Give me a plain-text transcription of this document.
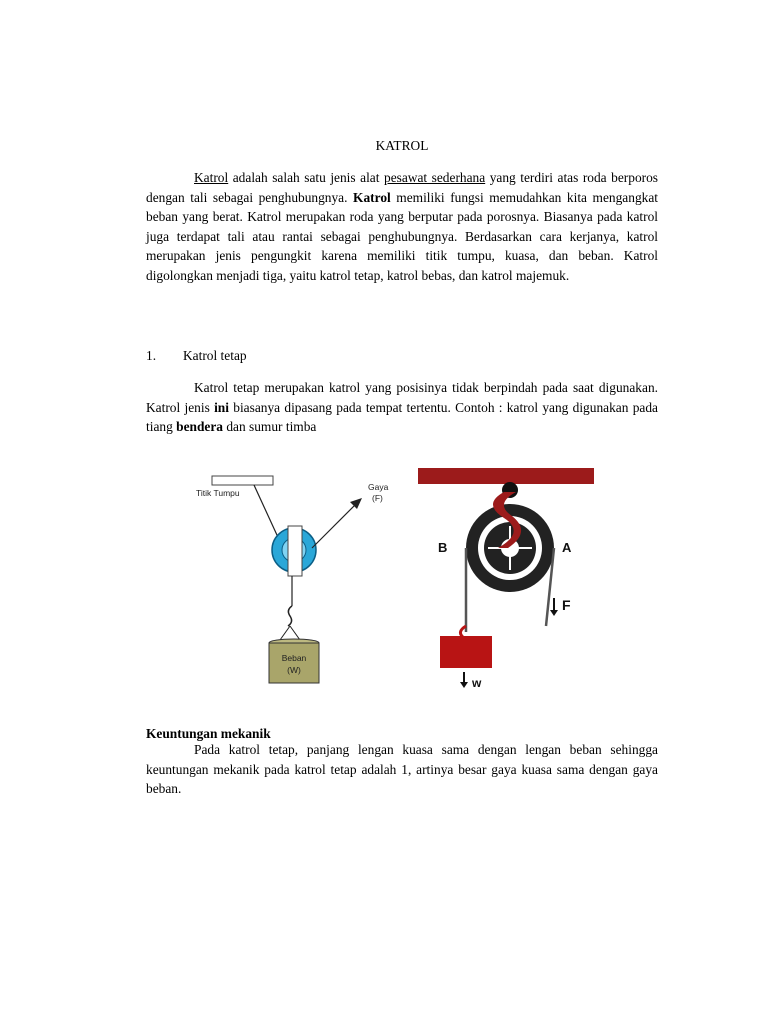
KATROL
Katrol adalah salah satu jenis alat pesawat sederhana yang terdiri atas roda berporos dengan tali sebagai penghubungnya. Katrol memiliki fungsi memudahkan kita mengangkat beban yang berat. Katrol merupakan roda yang berputar pada porosnya. Biasanya pada katrol juga terdapat tali atau rantai sebagai penghubungnya. Berdasarkan cara kerjanya, katrol merupakan jenis pengungkit karena memiliki titik tumpu, kuasa, dan beban. Katrol digolongkan menjadi tiga, yaitu katrol tetap, katrol bebas, dan katrol majemuk.
1. Katrol tetap
Katrol tetap merupakan katrol yang posisinya tidak berpindah pada saat digunakan. Katrol jenis ini biasanya dipasang pada tempat tertentu. Contoh : katrol yang digunakan pada tiang bendera dan sumur timba
Keuntungan mekanik
Pada katrol tetap, panjang lengan kuasa sama dengan lengan beban sehingga keuntungan mekanik pada katrol tetap adalah 1, artinya besar gaya kuasa sama dengan gaya beban.
Titik Tumpu
Gaya
(F)
Beban
(W)
B	A
F
w
